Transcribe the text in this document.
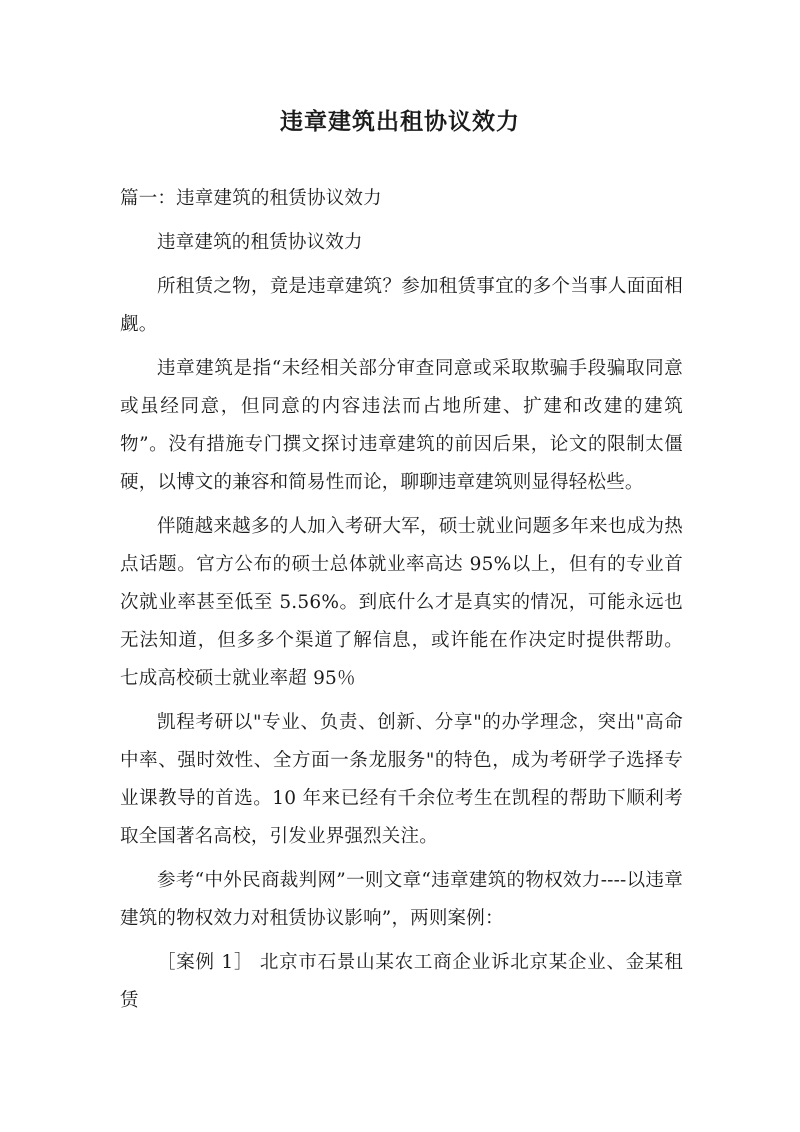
违章建筑出租协议效力

篇一：违章建筑的租赁协议效力

违章建筑的租赁协议效力

所租赁之物，竟是违章建筑？参加租赁事宜的多个当事人面面相觑。

违章建筑是指“未经相关部分审查同意或采取欺骗手段骗取同意或虽经同意，但同意的内容违法而占地所建、扩建和改建的建筑物”。没有措施专门撰文探讨违章建筑的前因后果，论文的限制太僵硬，以博文的兼容和简易性而论，聊聊违章建筑则显得轻松些。

伴随越来越多的人加入考研大军，硕士就业问题多年来也成为热点话题。官方公布的硕士总体就业率高达 95%以上，但有的专业首次就业率甚至低至 5.56%。到底什么才是真实的情况，可能永远也无法知道，但多多个渠道了解信息，或许能在作决定时提供帮助。 七成高校硕士就业率超 95％

凯程考研以"专业、负责、创新、分享"的办学理念，突出"高命中率、强时效性、全方面一条龙服务"的特色，成为考研学子选择专业课教导的首选。10 年来已经有千余位考生在凯程的帮助下顺利考取全国著名高校，引发业界强烈关注。

参考“中外民商裁判网”一则文章“违章建筑的物权效力----以违章建筑的物权效力对租赁协议影响”，两则案例：

［案例 1］ 北京市石景山某农工商企业诉北京某企业、金某租赁
